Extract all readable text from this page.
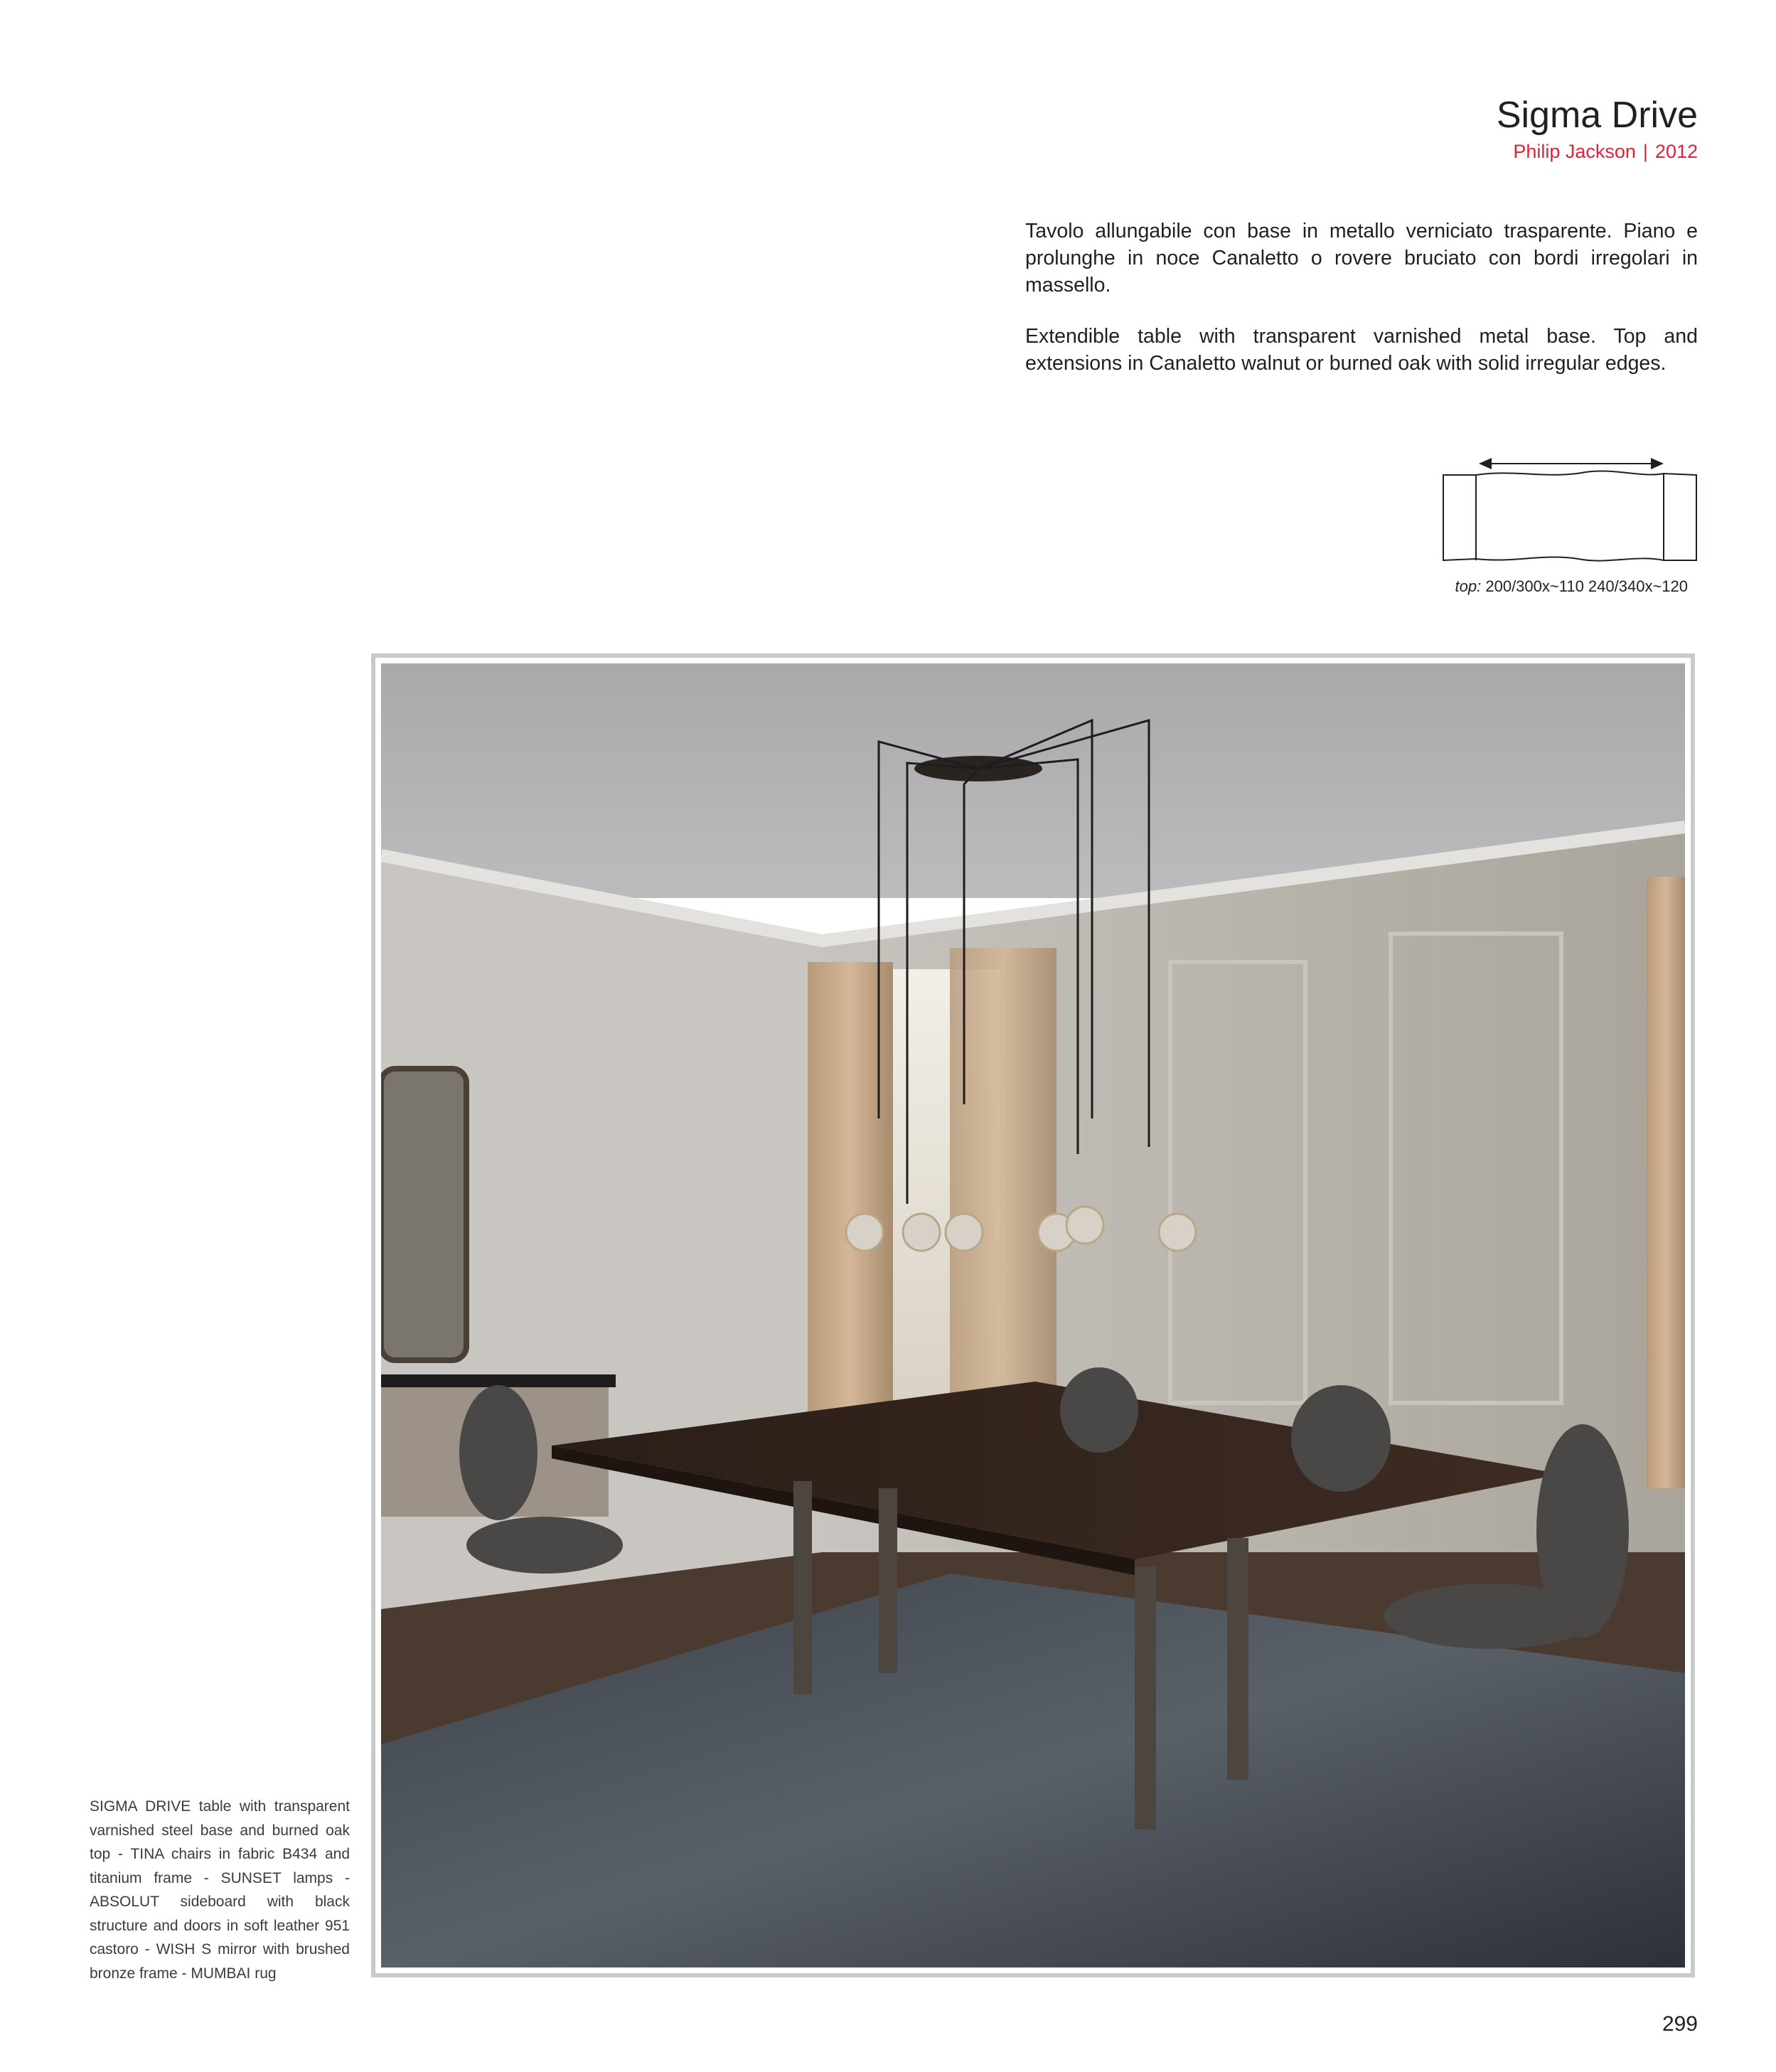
Sigma Drive
Philip Jackson | 2012

Tavolo allungabile con base in metallo verniciato trasparente. Piano e prolunghe in noce Canaletto o rovere bruciato con bordi irregolari in massello.

Extendible table with transparent varnished metal base. Top and extensions in Canaletto walnut or burned oak with solid irregular edges.

top: 200/300x~110 240/340x~120

SIGMA DRIVE table with transparent varnished steel base and burned oak top - TINA chairs in fabric B434 and titanium frame - SUNSET lamps - ABSOLUT sideboard with black structure and doors in soft leather 951 castoro - WISH S mirror with brushed bronze frame - MUMBAI rug

299
